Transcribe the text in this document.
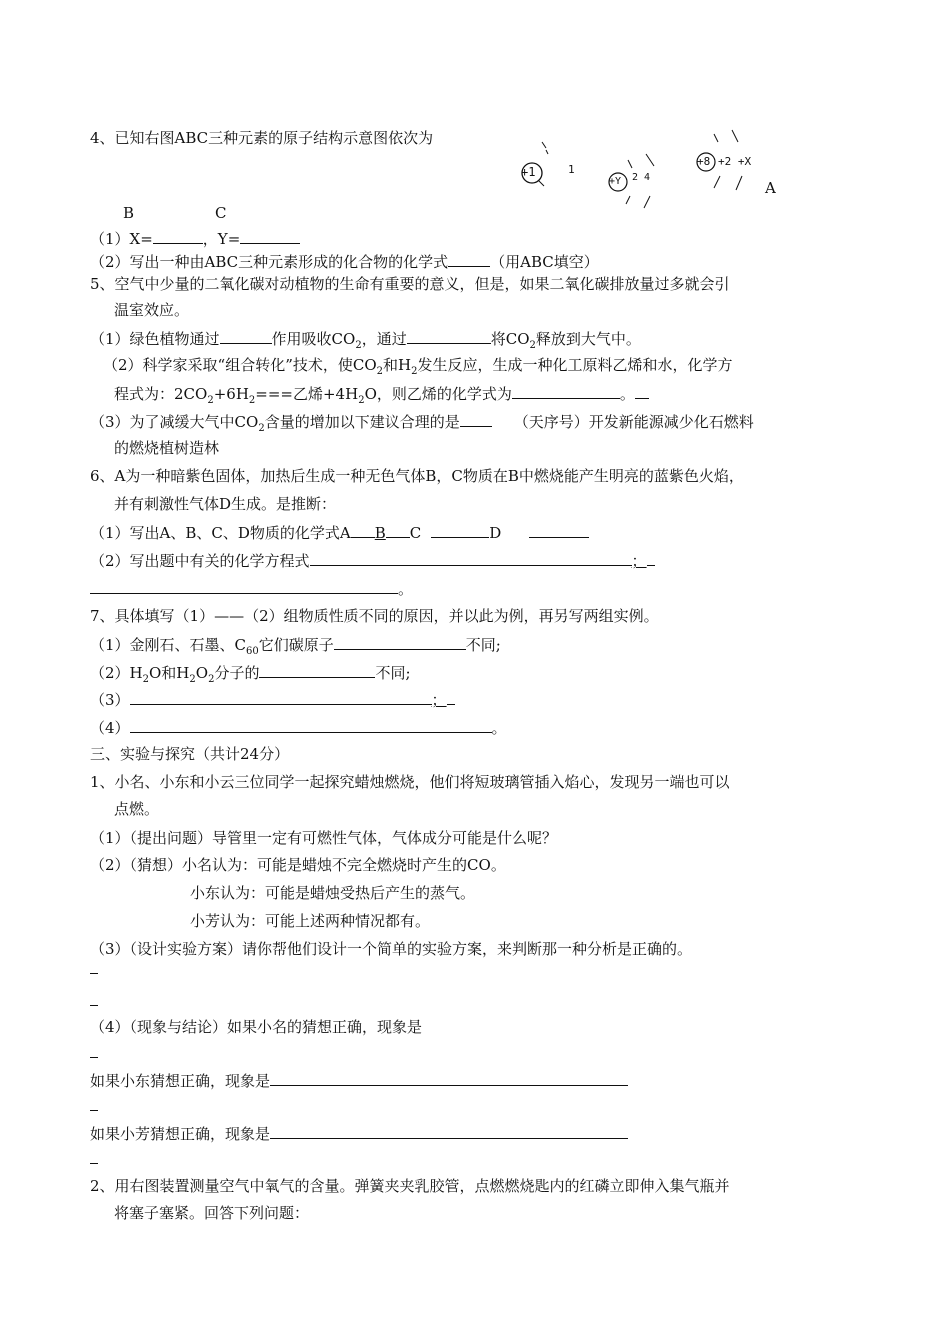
4、已知右图ABC三种元素的原子结构示意图依次为
+1	1
+Y 2 4
+8 +2 +X
A
B	C
（1）X=	，Y=
（2）写出一种由ABC三种元素形成的化合物的化学式	（用ABC填空）
5、空气中少量的二氧化碳对动植物的生命有重要的意义，但是，如果二氧化碳排放量过多就会引
温室效应。
（1）绿色植物通过	作用吸收$CO_2$，通过	将$CO_2$释放到大气中。
（2）科学家采取“组合转化”技术，使$CO_2$和$H_2$发生反应，生成一种化工原料乙烯和水，化学方
程式为：$2CO_2+6H_2===$乙烯$+4H_2O$，则乙烯的化学式为	。
（3）为了减缓大气中$CO_2$含量的增加以下建议合理的是	（天序号）开发新能源减少化石燃料
的燃烧植树造林
6、A为一种暗紫色固体，加热后生成一种无色气体B，C物质在B中燃烧能产生明亮的蓝紫色火焰，
并有刺激性气体D生成。是推断：
（1）写出A、B、C、D物质的化学式A B C	D
（2）写出题中有关的化学方程式	；
。
7、具体填写（1）——（2）组物质性质不同的原因，并以此为例，再另写两组实例。
（1）金刚石、石墨、$C_{60}$它们碳原子	不同;
$(2)H_2O$和$H_2O_2$分子的	不同;
（3）	；
（4）	。
三、实验与探究（共计24分）
1、小名、小东和小云三位同学一起探究蜡烛燃烧，他们将短玻璃管插入焰心，发现另一端也可以
点燃。
（1）（提出问题）导管里一定有可燃性气体，气体成分可能是什么呢？
（2）（猜想）小名认为：可能是蜡烛不完全燃烧时产生的CO。
小东认为：可能是蜡烛受热后产生的蒸气。
小芳认为：可能上述两种情况都有。
（3）（设计实验方案）请你帮他们设计一个简单的实验方案，来判断那一种分析是正确的。
（4）（现象与结论）如果小名的猜想正确，现象是
如果小东猜想正确，现象是
如果小芳猜想正确，现象是
2、用右图装置测量空气中氧气的含量。弹簧夹夹乳胶管，点燃燃烧匙内的红磷立即伸入集气瓶并
将塞子塞紧。回答下列问题：
